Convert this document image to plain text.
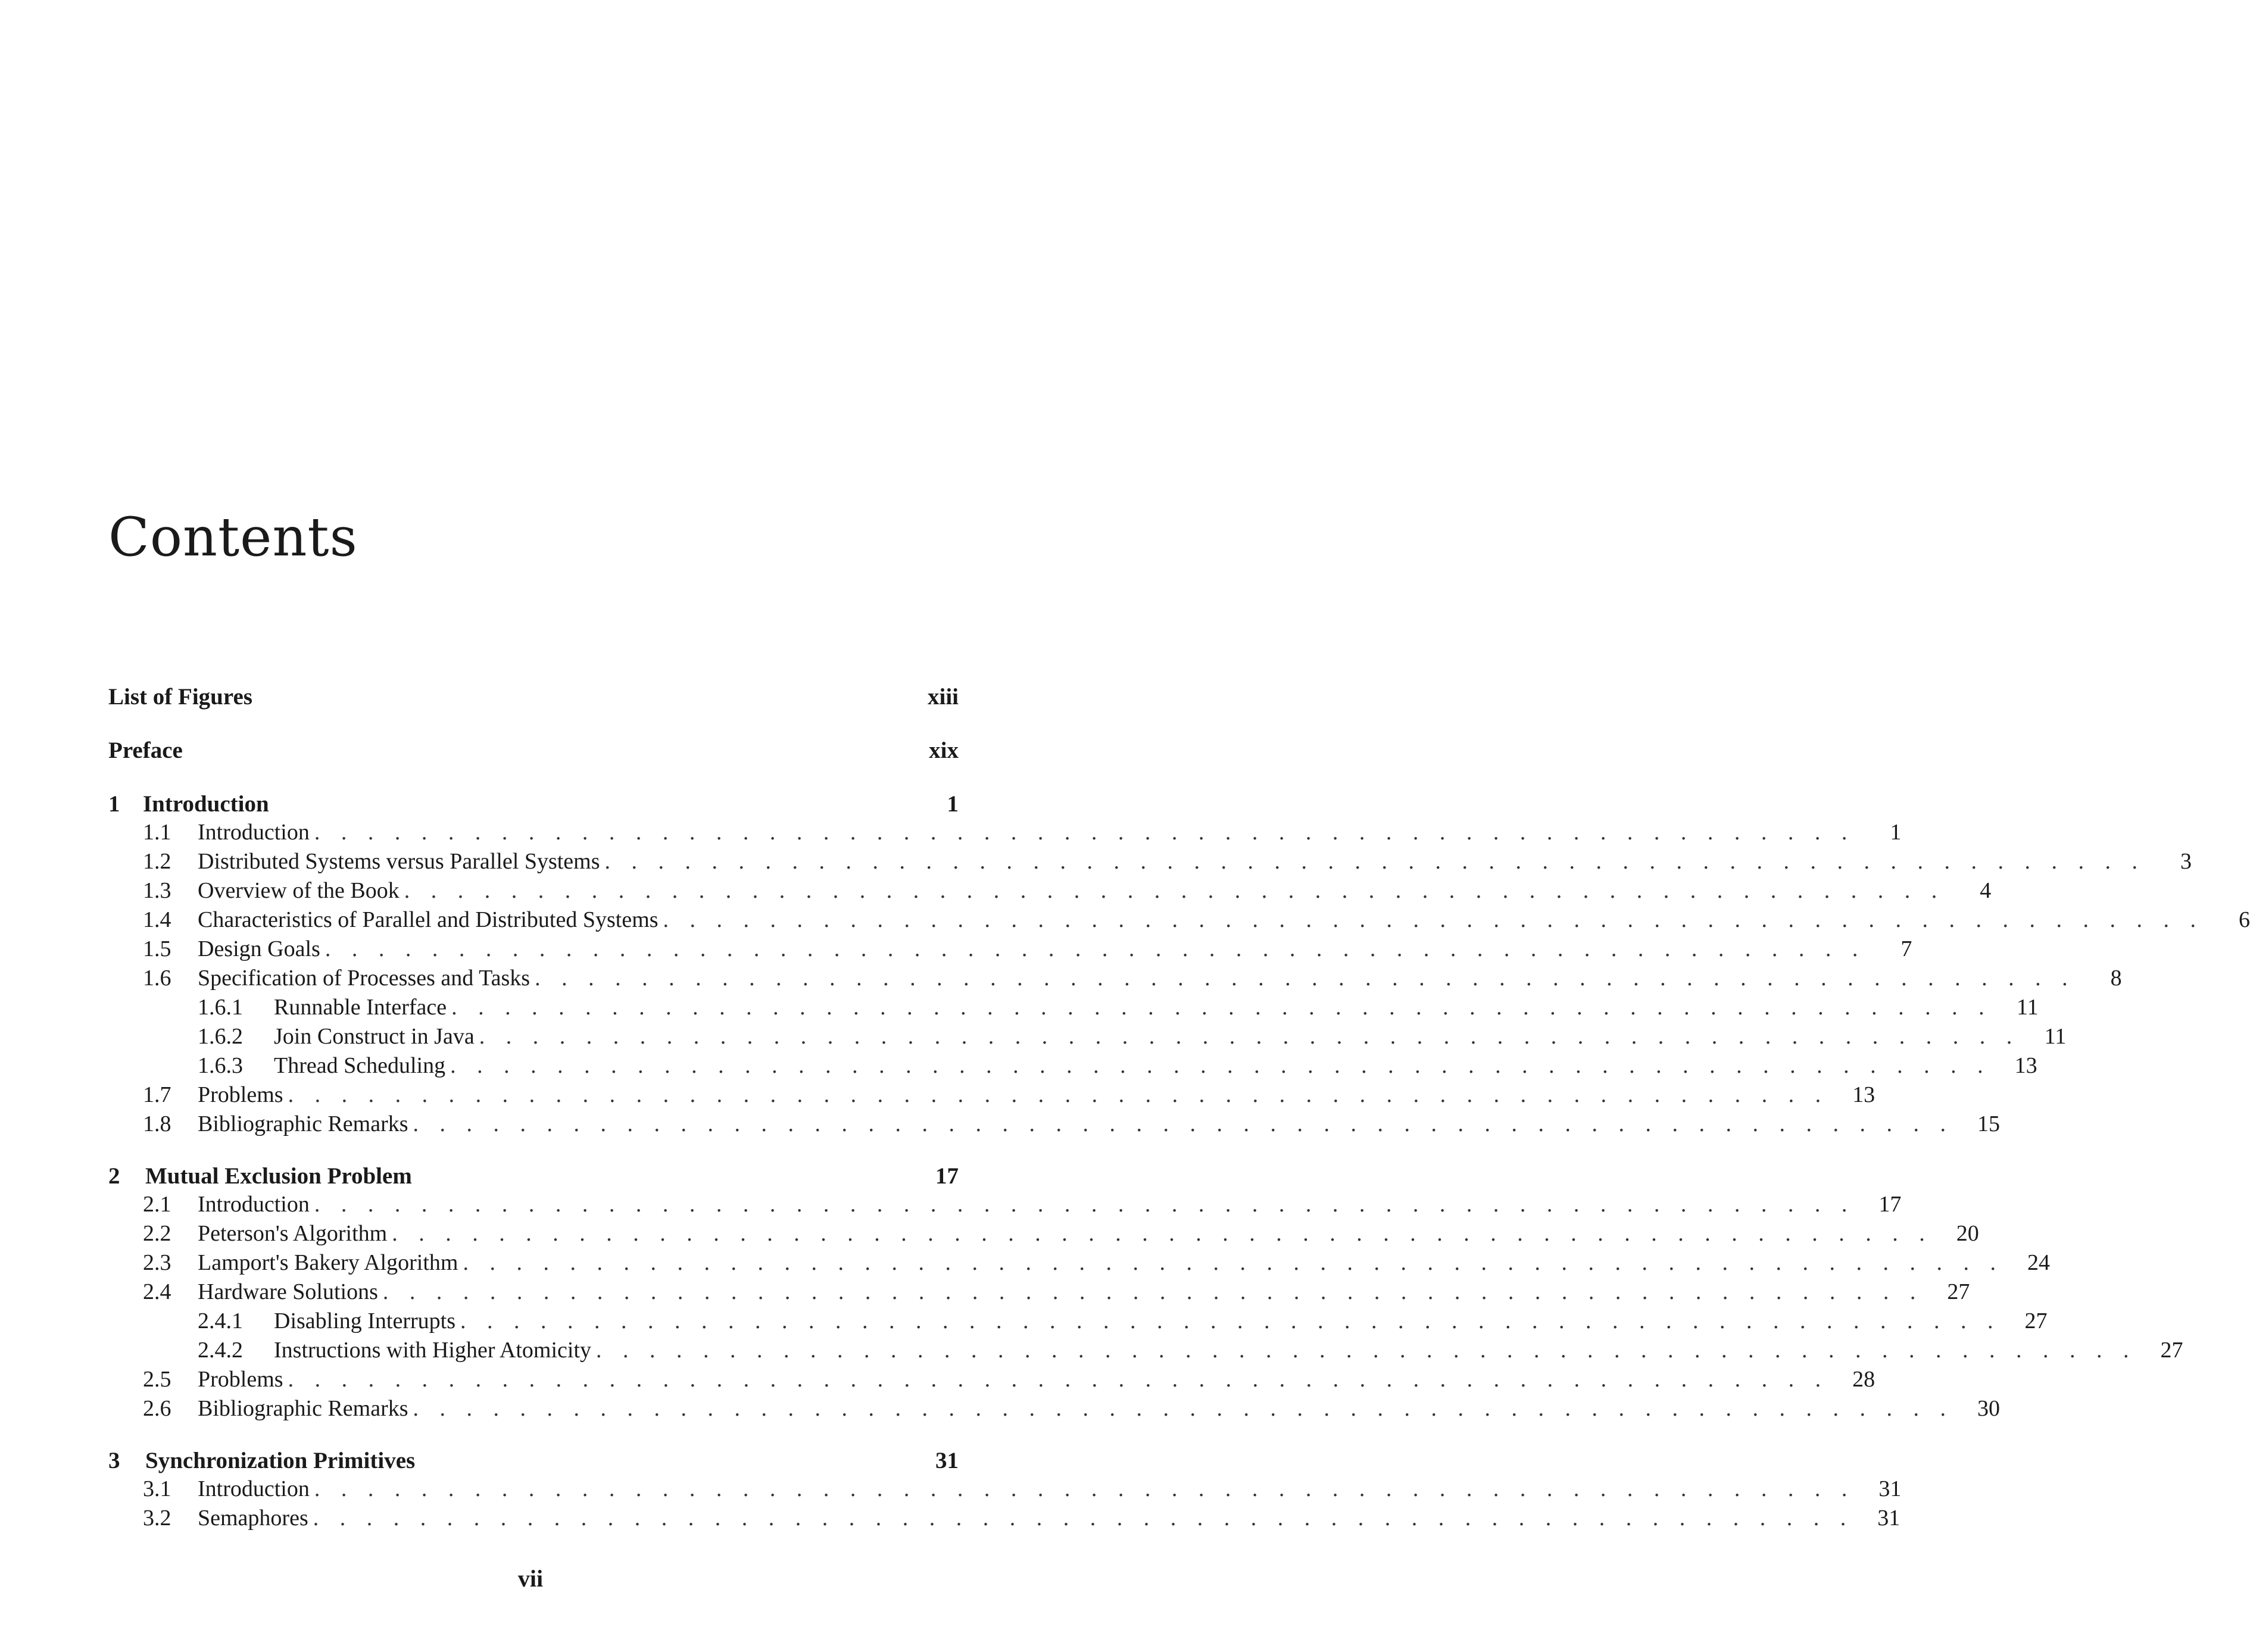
Contents
List of Figures	xiii
Preface	xix
1 Introduction	1
1.1	Introduction . . . . . . . . . . . . . . . . . . . . . . . . . . . . . . . . . . . . . . . . . . . . . . . . . . . . . . . . . .	1
1.2	Distributed Systems versus Parallel Systems . . . . . . . . . . . . . . . . . . . . . . . . . . . . . . . . . . . . . . . . . . . . . . . . . . . . . . . . . .	3
1.3	Overview of the Book . . . . . . . . . . . . . . . . . . . . . . . . . . . . . . . . . . . . . . . . . . . . . . . . . . . . . . . . . .	4
1.4	Characteristics of Parallel and Distributed Systems . . . . . . . . . . . . . . . . . . . . . . . . . . . . . . . . . . . . . . . . . . . . . . . . . . . . . . . . . .	6
1.5	Design Goals . . . . . . . . . . . . . . . . . . . . . . . . . . . . . . . . . . . . . . . . . . . . . . . . . . . . . . . . . .	7
1.6	Specification of Processes and Tasks . . . . . . . . . . . . . . . . . . . . . . . . . . . . . . . . . . . . . . . . . . . . . . . . . . . . . . . . . .	8
1.6.1	Runnable Interface . . . . . . . . . . . . . . . . . . . . . . . . . . . . . . . . . . . . . . . . . . . . . . . . . . . . . . . . . .	11
1.6.2	Join Construct in Java . . . . . . . . . . . . . . . . . . . . . . . . . . . . . . . . . . . . . . . . . . . . . . . . . . . . . . . . . .	11
1.6.3	Thread Scheduling . . . . . . . . . . . . . . . . . . . . . . . . . . . . . . . . . . . . . . . . . . . . . . . . . . . . . . . . . .	13
1.7	Problems . . . . . . . . . . . . . . . . . . . . . . . . . . . . . . . . . . . . . . . . . . . . . . . . . . . . . . . . . .	13
1.8	Bibliographic Remarks . . . . . . . . . . . . . . . . . . . . . . . . . . . . . . . . . . . . . . . . . . . . . . . . . . . . . . . . . .	15
2	Mutual Exclusion Problem	17
2.1	Introduction . . . . . . . . . . . . . . . . . . . . . . . . . . . . . . . . . . . . . . . . . . . . . . . . . . . . . . . . . .	17
2.2	Peterson's Algorithm . . . . . . . . . . . . . . . . . . . . . . . . . . . . . . . . . . . . . . . . . . . . . . . . . . . . . . . . . .	20
2.3	Lamport's Bakery Algorithm . . . . . . . . . . . . . . . . . . . . . . . . . . . . . . . . . . . . . . . . . . . . . . . . . . . . . . . . . .	24
2.4	Hardware Solutions . . . . . . . . . . . . . . . . . . . . . . . . . . . . . . . . . . . . . . . . . . . . . . . . . . . . . . . . . .	27
2.4.1	Disabling Interrupts . . . . . . . . . . . . . . . . . . . . . . . . . . . . . . . . . . . . . . . . . . . . . . . . . . . . . . . . . .	27
2.4.2	Instructions with Higher Atomicity . . . . . . . . . . . . . . . . . . . . . . . . . . . . . . . . . . . . . . . . . . . . . . . . . . . . . . . . . .	27
2.5	Problems . . . . . . . . . . . . . . . . . . . . . . . . . . . . . . . . . . . . . . . . . . . . . . . . . . . . . . . . . .	28
2.6	Bibliographic Remarks . . . . . . . . . . . . . . . . . . . . . . . . . . . . . . . . . . . . . . . . . . . . . . . . . . . . . . . . . .	30
3	Synchronization Primitives	31
3.1	Introduction . . . . . . . . . . . . . . . . . . . . . . . . . . . . . . . . . . . . . . . . . . . . . . . . . . . . . . . . . .	31
3.2	Semaphores . . . . . . . . . . . . . . . . . . . . . . . . . . . . . . . . . . . . . . . . . . . . . . . . . . . . . . . . . .	31
vii
